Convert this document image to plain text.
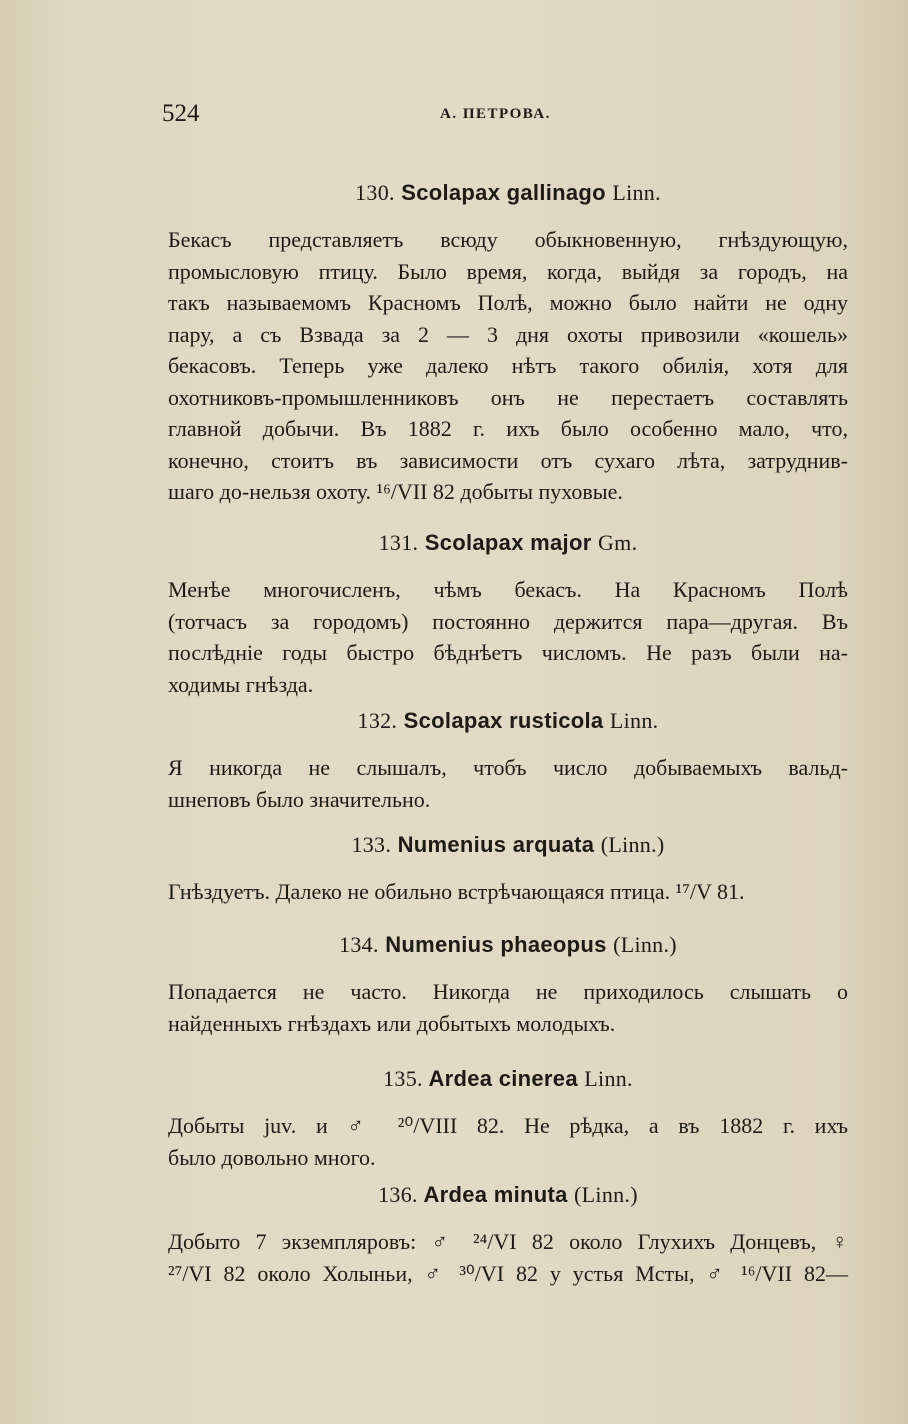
524	А. ПЕТРОВА.
130. Scolapax gallinago Linn.
Бекасъ представляетъ всюду обыкновенную, гнѣздующую,
промысловую птицу. Было время, когда, выйдя за городъ, на
такъ называемомъ Красномъ Полѣ, можно было найти не одну
пару, а съ Взвада за 2 — 3 дня охоты привозили «кошель»
бекасовъ. Теперь уже далеко нѣтъ такого обилія, хотя для
охотниковъ-промышленниковъ онъ не перестаетъ составлять
главной добычи. Въ 1882 г. ихъ было особенно мало, что,
конечно, стоитъ въ зависимости отъ сухаго лѣта, затруднив-
шаго до-нельзя охоту. ¹⁶/VII 82 добыты пуховые.
131. Scolapax major Gm.
Менѣе многочисленъ, чѣмъ бекасъ. На Красномъ Полѣ
(тотчасъ за городомъ) постоянно держится пара—другая. Въ
послѣдніе годы быстро бѣднѣетъ числомъ. Не разъ были на-
ходимы гнѣзда.
132. Scolapax rusticola Linn.
Я никогда не слышалъ, чтобъ число добываемыхъ вальд-
шнеповъ было значительно.
133. Numenius arquata (Linn.)
Гнѣздуетъ. Далеко не обильно встрѣчающаяся птица. ¹⁷/V 81.
134. Numenius phaeopus (Linn.)
Попадается не часто. Никогда не приходилось слышать о
найденныхъ гнѣздахъ или добытыхъ молодыхъ.
135. Ardea cinerea Linn.
Добыты juv. и ♂ ²⁰/VIII 82. Не рѣдка, а въ 1882 г. ихъ
было довольно много.
136. Ardea minuta (Linn.)
Добыто 7 экземпляровъ: ♂ ²⁴/VI 82 около Глухихъ Донцевъ, ♀
²⁷/VI 82 около Холыньи, ♂ ³⁰/VI 82 у устья Мсты, ♂ ¹⁶/VII 82—
